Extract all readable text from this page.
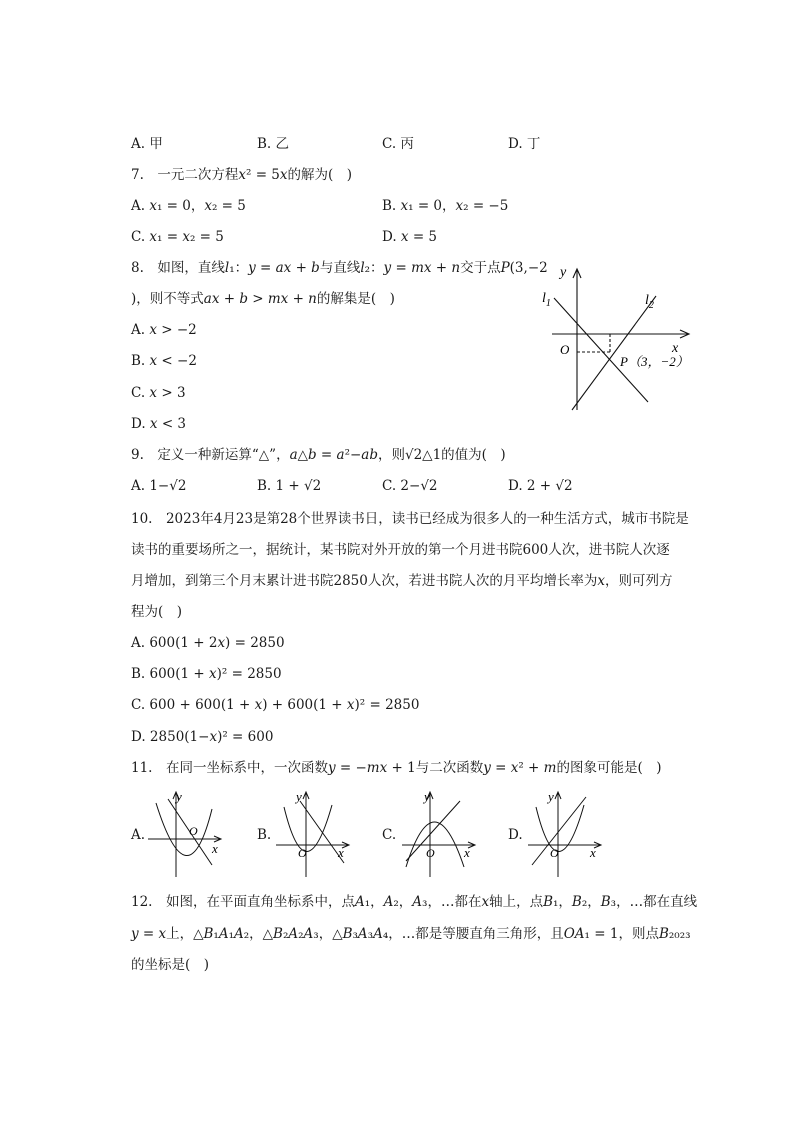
A. 甲	B. 乙	C. 丙	D. 丁
7.　一元二次方程𝑥² = 5𝑥的解为(　)
A. 𝑥₁ = 0，𝑥₂ = 5	B. 𝑥₁ = 0，𝑥₂ = −5
C. 𝑥₁ = 𝑥₂ = 5	D. 𝑥 = 5
8.　如图，直线𝑙₁：𝑦 = 𝑎𝑥 + 𝑏与直线𝑙₂：𝑦 = 𝑚𝑥 + 𝑛交于点𝑃(3,−2
)，则不等式𝑎𝑥 + 𝑏 > 𝑚𝑥 + 𝑛的解集是(　)
A. 𝑥 > −2
B. 𝑥 < −2
C. 𝑥 > 3
D. 𝑥 < 3
y
x
O
$l_1$	$l_2$
P（3，−2）
9.　定义一种新运算“△”，𝑎△𝑏 = 𝑎²−𝑎𝑏，则√2△1的值为(　)
A. 1−√2	B. 1 + √2	C. 2−√2	D. 2 + √2
10.　2023年4月23是第28个世界读书日，读书已经成为很多人的一种生活方式，城市书院是
读书的重要场所之一，据统计，某书院对外开放的第一个月进书院600人次，进书院人次逐
月增加，到第三个月末累计进书院2850人次，若进书院人次的月平均增长率为𝑥，则可列方
程为(　)
A. 600(1 + 2𝑥) = 2850
B. 600(1 + 𝑥)² = 2850
C. 600 + 600(1 + 𝑥) + 600(1 + 𝑥)² = 2850
D. 2850(1−𝑥)² = 600
11.　在同一坐标系中，一次函数𝑦 = −𝑚𝑥 + 1与二次函数𝑦 = 𝑥² + 𝑚的图象可能是(　)
A.	B.	C.	D.
y
O
x
y
O x
y
O x
y
O x
12.　如图，在平面直角坐标系中，点𝐴₁，𝐴₂，𝐴₃，…都在𝑥轴上，点𝐵₁，𝐵₂，𝐵₃，…都在直线
𝑦 = 𝑥上，△𝐵₁𝐴₁𝐴₂，△𝐵₂𝐴₂𝐴₃，△𝐵₃𝐴₃𝐴₄，…都是等腰直角三角形，且𝑂𝐴₁ = 1，则点𝐵₂₀₂₃
的坐标是(　)
